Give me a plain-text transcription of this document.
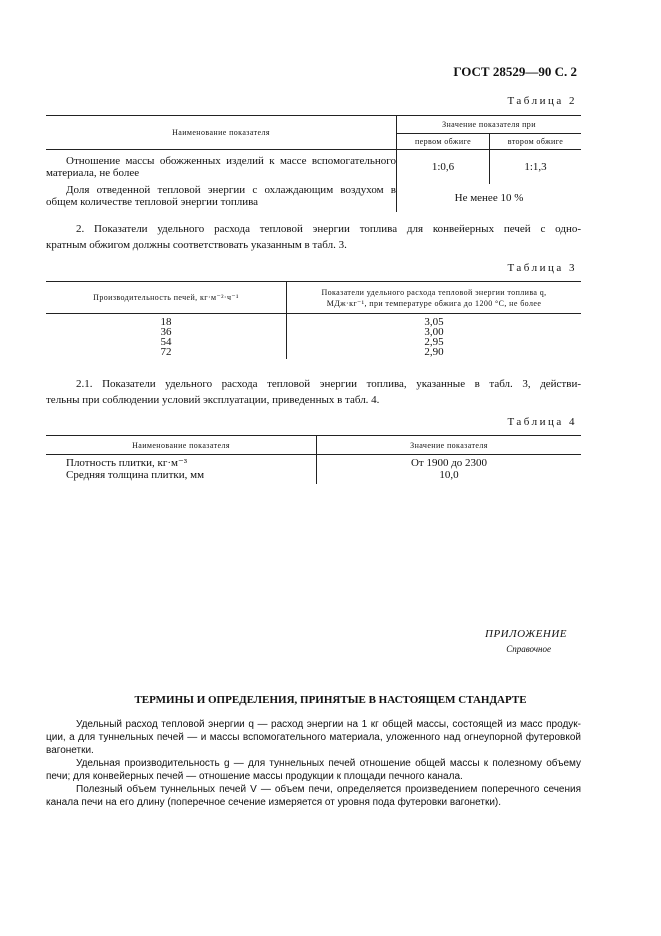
ГОСТ 28529—90 С. 2
Таблица 2
Наименование показателя	Значение показателя при	
	первом обжиге	втором обжиге

Отношение массы обожженных изделий к массе вспомогательного
материала, не более	1:0,6	1:1,3

Доля отведенной тепловой энергии с охлаждающим воздухом в
общем количестве тепловой энергии топлива	Не менее 10 %	
2. Показатели удельного расхода тепловой энергии топлива для конвейерных печей с одно-
кратным обжигом должны соответствовать указанным в табл. 3.
Таблица 3
Производительность печей, кг·м⁻²·ч⁻¹	Показатели удельного расхода тепловой энергии топлива q,
МДж·кг⁻¹, при температуре обжига до 1200 °С, не более

18	3,05
36	3,00
54	2,95
72	2,90
2.1. Показатели удельного расхода тепловой энергии топлива, указанные в табл. 3, действи-
тельны при соблюдении условий эксплуатации, приведенных в табл. 4.
Таблица 4
Наименование показателя	Значение показателя
Плотность плитки, кг·м⁻³	От 1900 до 2300
Средняя толщина плитки, мм	10,0
ПРИЛОЖЕНИЕ
Справочное
ТЕРМИНЫ И ОПРЕДЕЛЕНИЯ, ПРИНЯТЫЕ В НАСТОЯЩЕМ СТАНДАРТЕ
Удельный расход тепловой энергии q — расход энергии на 1 кг общей массы, состоящей из масс продук-
ции, а для туннельных печей — и массы вспомогательного материала, уложенного над огнеупорной футеровкой
вагонетки.
Удельная производительность g — для туннельных печей отношение общей массы к полезному объему
печи; для конвейерных печей — отношение массы продукции к площади печного канала.
Полезный объем туннельных печей V — объем печи, определяется произведением поперечного сечения
канала печи на его длину (поперечное сечение измеряется от уровня пода футеровки вагонетки).
